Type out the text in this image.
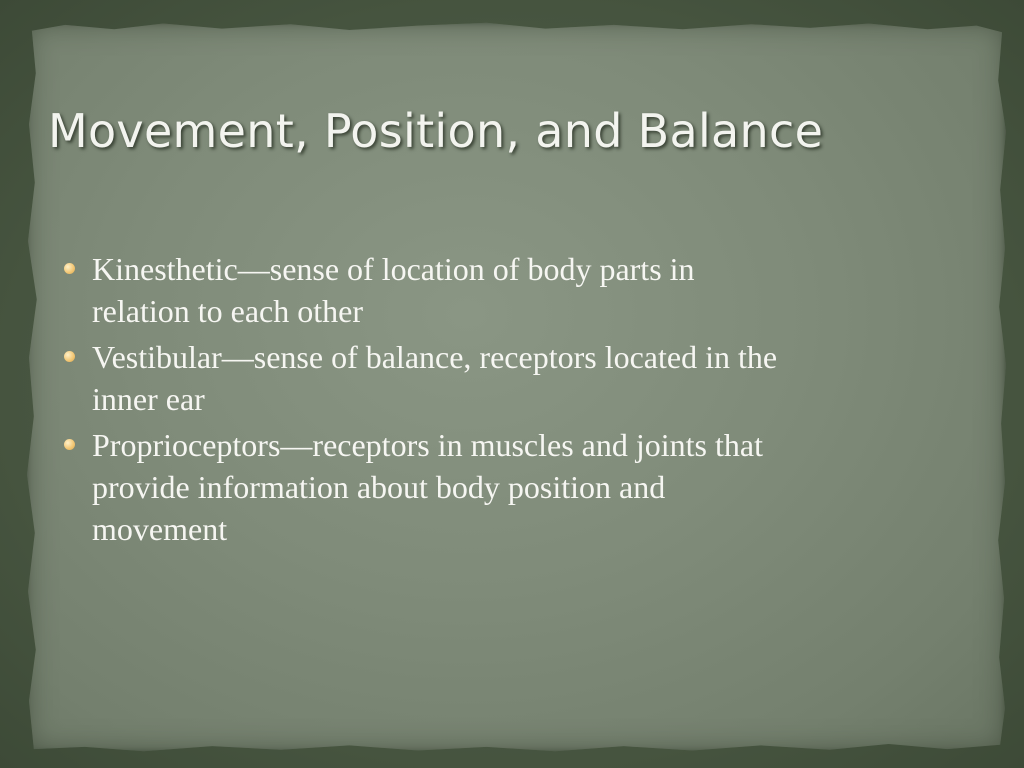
Movement, Position, and Balance
Kinesthetic—sense of location of body parts in
relation to each other
Vestibular—sense of balance, receptors located in the
inner ear
Proprioceptors—receptors in muscles and joints that
provide information about body position and
movement
